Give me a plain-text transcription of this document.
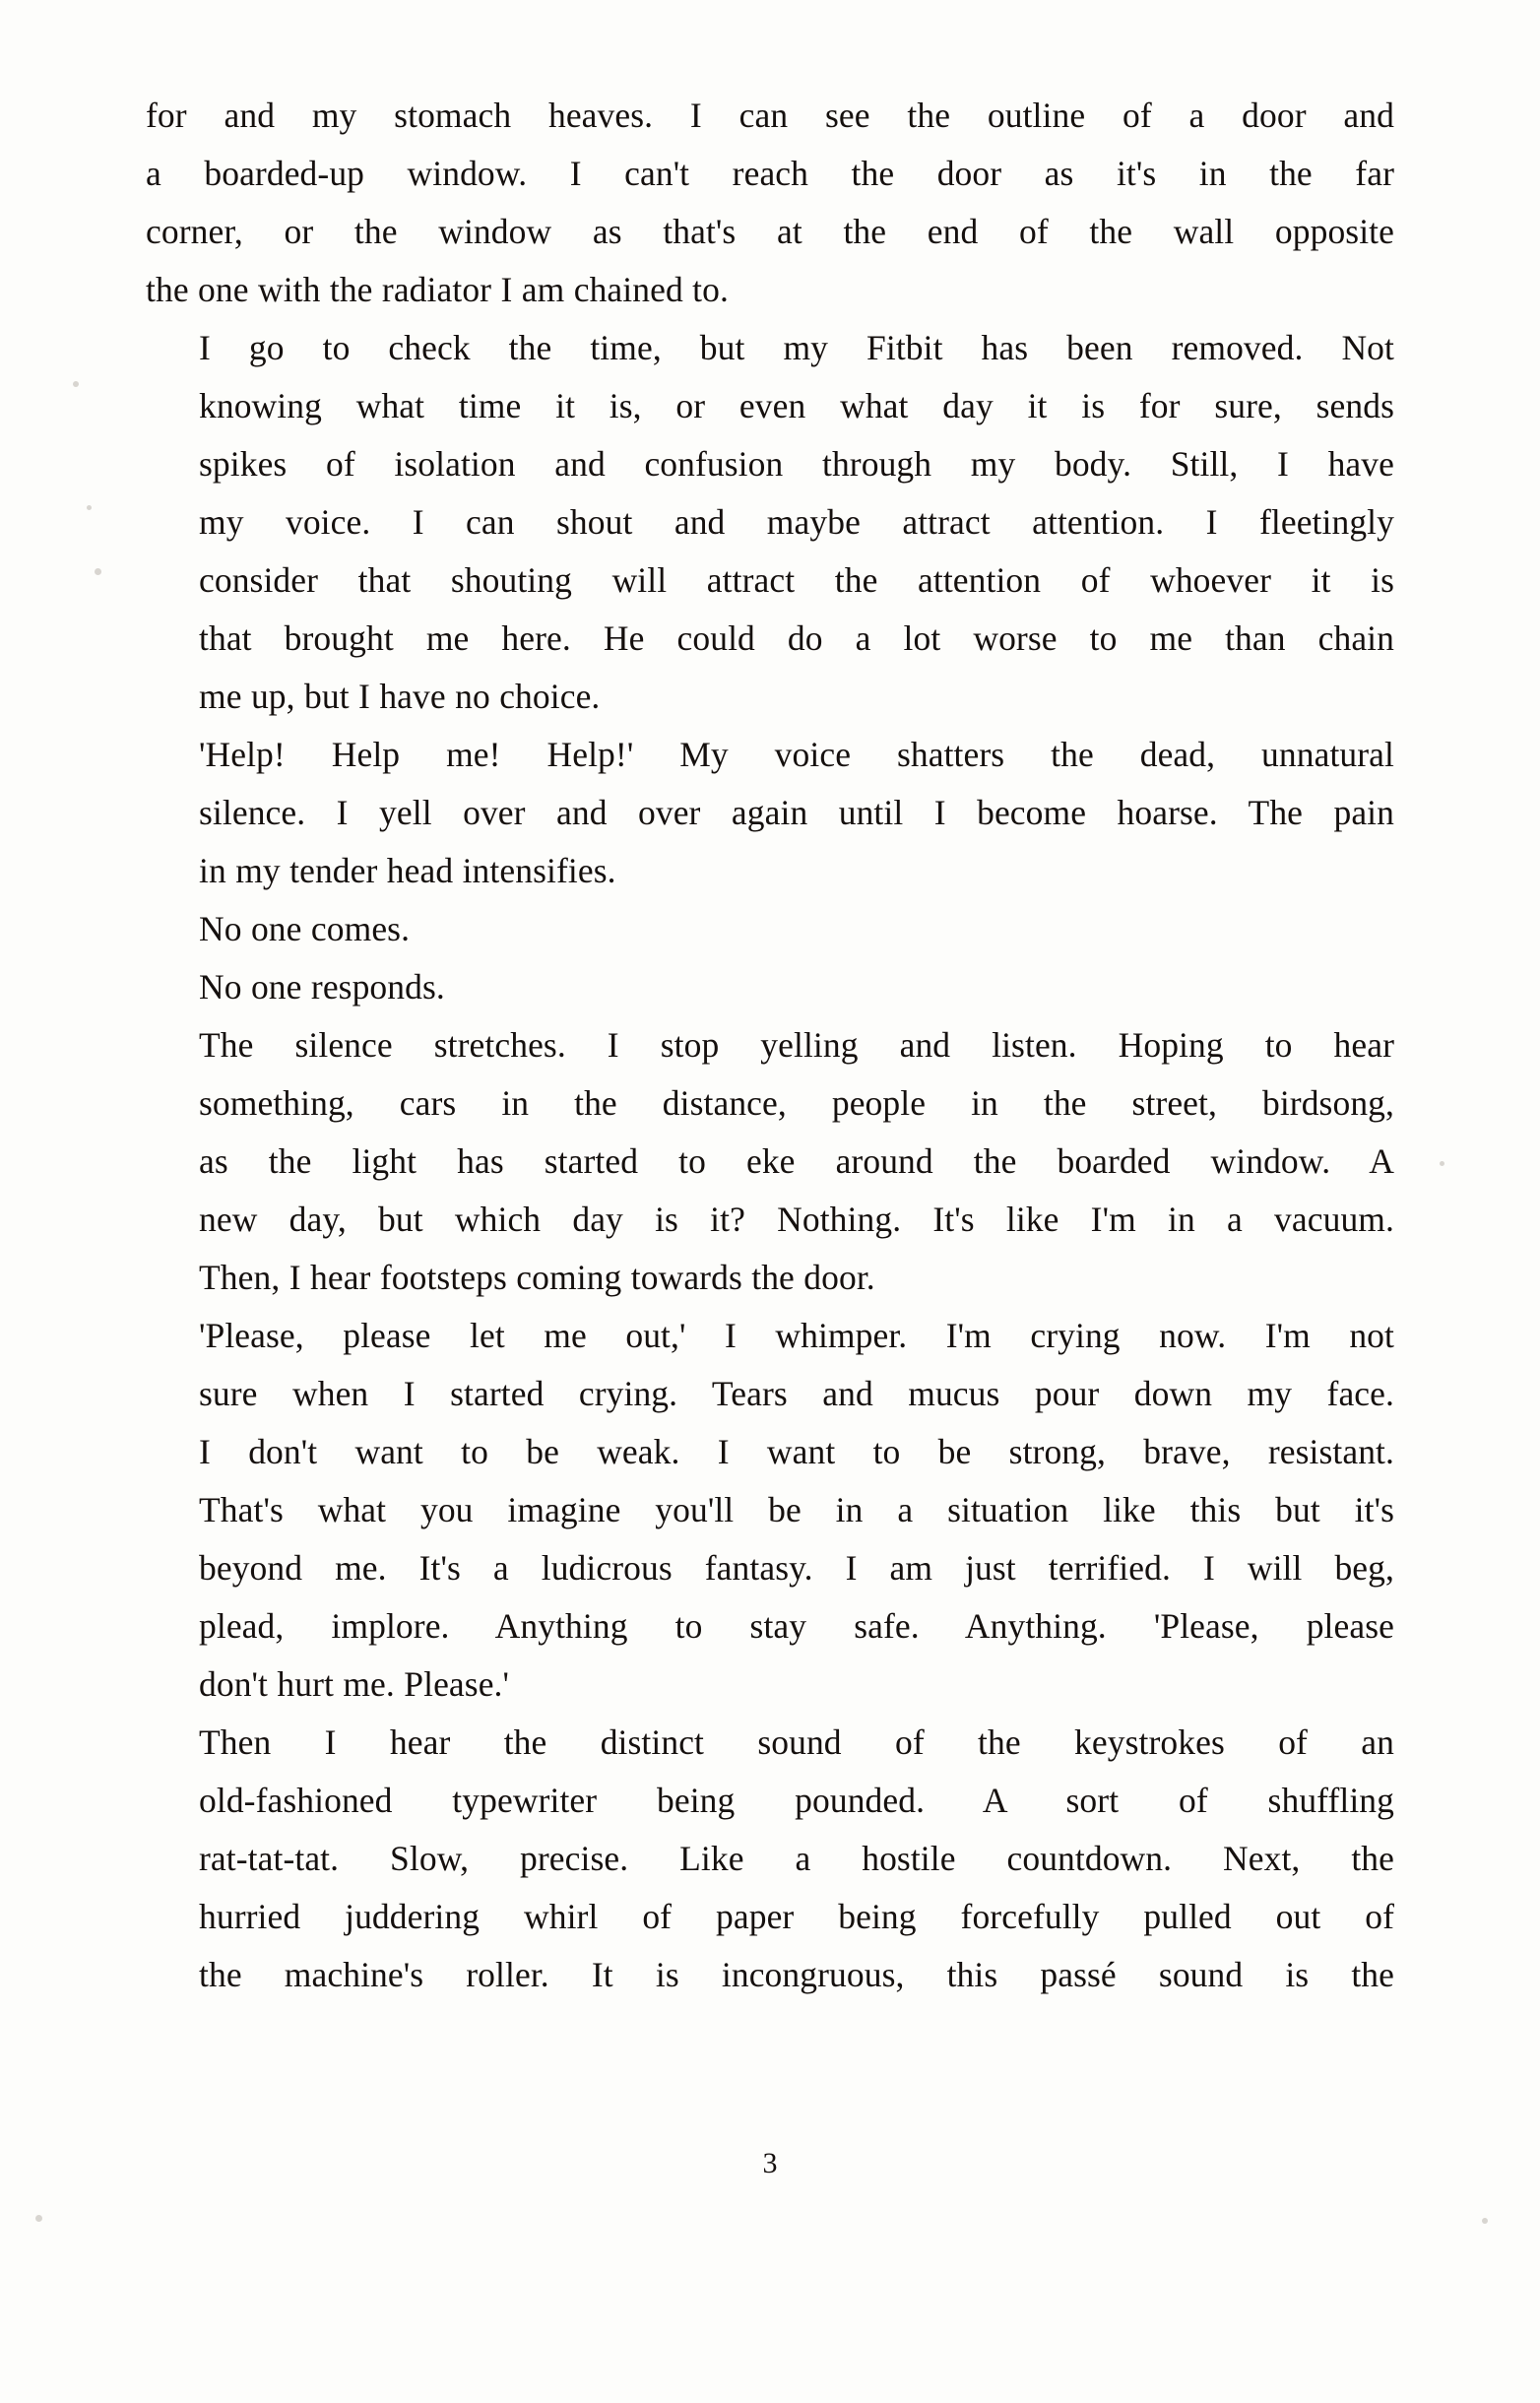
for and my stomach heaves. I can see the outline of a door and
a boarded-up window. I can't reach the door as it's in the far
corner, or the window as that's at the end of the wall opposite
the one with the radiator I am chained to.

I go to check the time, but my Fitbit has been removed. Not
knowing what time it is, or even what day it is for sure, sends
spikes of isolation and confusion through my body. Still, I have
my voice. I can shout and maybe attract attention. I fleetingly
consider that shouting will attract the attention of whoever it is
that brought me here. He could do a lot worse to me than chain
me up, but I have no choice.

'Help! Help me! Help!' My voice shatters the dead, unnatural
silence. I yell over and over again until I become hoarse. The pain
in my tender head intensifies.

No one comes.

No one responds.

The silence stretches. I stop yelling and listen. Hoping to hear
something, cars in the distance, people in the street, birdsong,
as the light has started to eke around the boarded window. A
new day, but which day is it? Nothing. It's like I'm in a vacuum.
Then, I hear footsteps coming towards the door.

'Please, please let me out,' I whimper. I'm crying now. I'm not
sure when I started crying. Tears and mucus pour down my face.
I don't want to be weak. I want to be strong, brave, resistant.
That's what you imagine you'll be in a situation like this but it's
beyond me. It's a ludicrous fantasy. I am just terrified. I will beg,
plead, implore. Anything to stay safe. Anything. 'Please, please
don't hurt me. Please.'

Then I hear the distinct sound of the keystrokes of an
old-fashioned typewriter being pounded. A sort of shuffling
rat-tat-tat. Slow, precise. Like a hostile countdown. Next, the
hurried juddering whirl of paper being forcefully pulled out of
the machine's roller. It is incongruous, this passé sound is the

3
